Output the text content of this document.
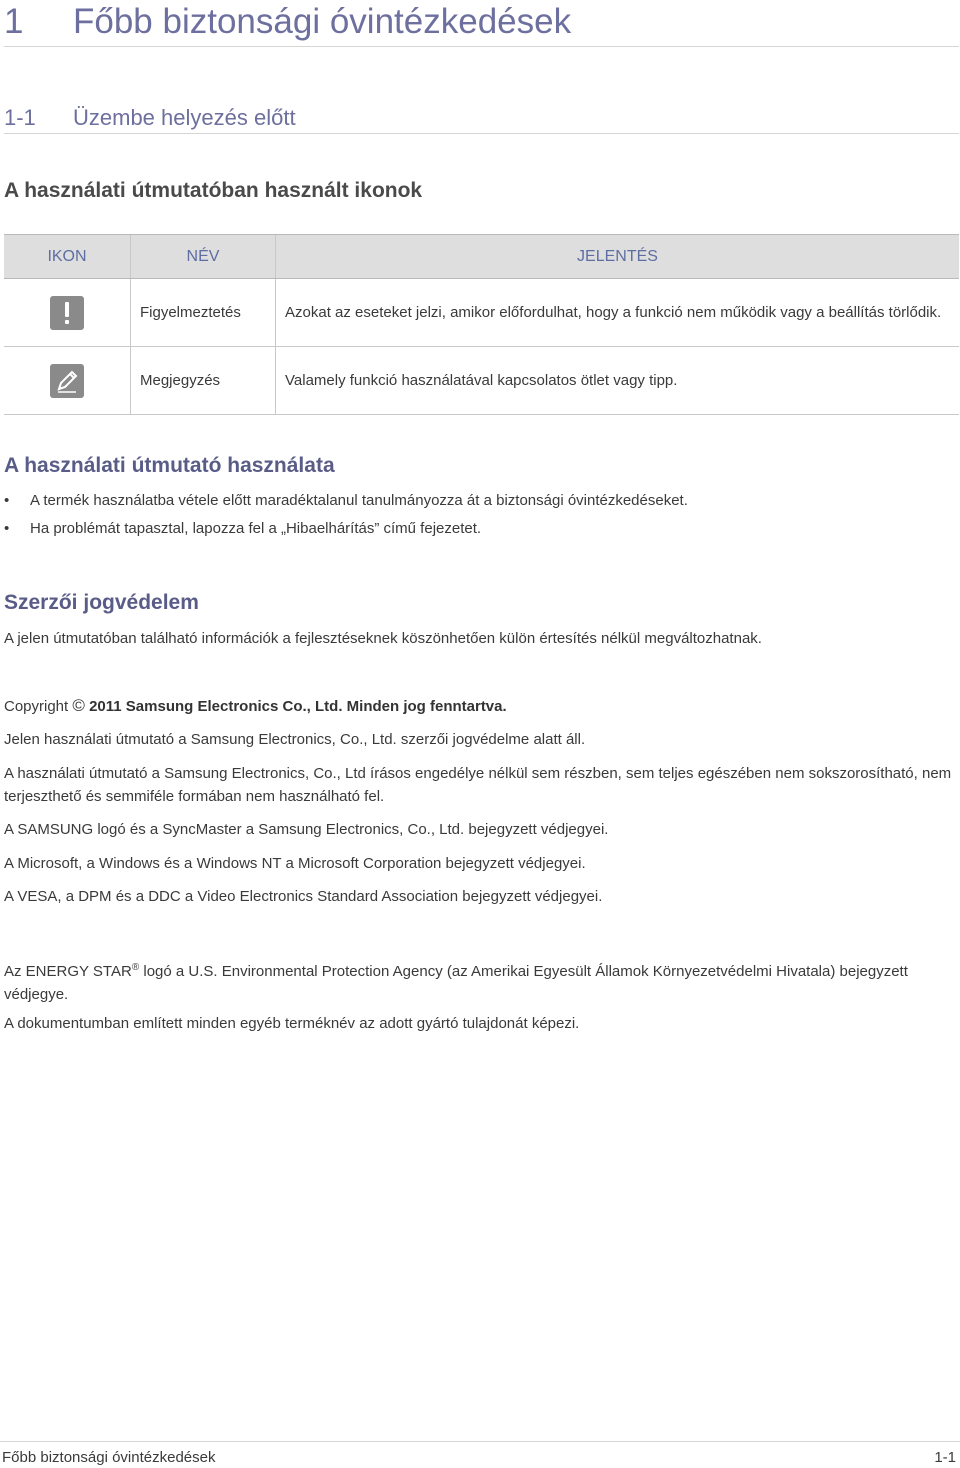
1 Főbb biztonsági óvintézkedések
1-1 Üzembe helyezés előtt
A használati útmutatóban használt ikonok
IKON	NÉV	JELENTÉS

	Figyelmeztetés	Azokat az eseteket jelzi, amikor előfordulhat, hogy a funkció nem működik vagy a beállítás törlődik.

	Megjegyzés	Valamely funkció használatával kapcsolatos ötlet vagy tipp.
A használati útmutató használata
• A termék használatba vétele előtt maradéktalanul tanulmányozza át a biztonsági óvintézkedéseket.
• Ha problémát tapasztal, lapozza fel a „Hibaelhárítás” című fejezetet.
Szerzői jogvédelem
A jelen útmutatóban található információk a fejlesztéseknek köszönhetően külön értesítés nélkül megváltozhatnak.
Copyright © 2011 Samsung Electronics Co., Ltd. Minden jog fenntartva.
Jelen használati útmutató a Samsung Electronics, Co., Ltd. szerzői jogvédelme alatt áll.
A használati útmutató a Samsung Electronics, Co., Ltd írásos engedélye nélkül sem részben, sem teljes egészében nem sokszorosítható, nem terjeszthető és semmiféle formában nem használható fel.
A SAMSUNG logó és a SyncMaster a Samsung Electronics, Co., Ltd. bejegyzett védjegyei.
A Microsoft, a Windows és a Windows NT a Microsoft Corporation bejegyzett védjegyei.
A VESA, a DPM és a DDC a Video Electronics Standard Association bejegyzett védjegyei.
Az ENERGY STAR® logó a U.S. Environmental Protection Agency (az Amerikai Egyesült Államok Környezetvédelmi Hivatala) bejegyzett védjegye.
A dokumentumban említett minden egyéb terméknév az adott gyártó tulajdonát képezi.
Főbb biztonsági óvintézkedések	1-1
